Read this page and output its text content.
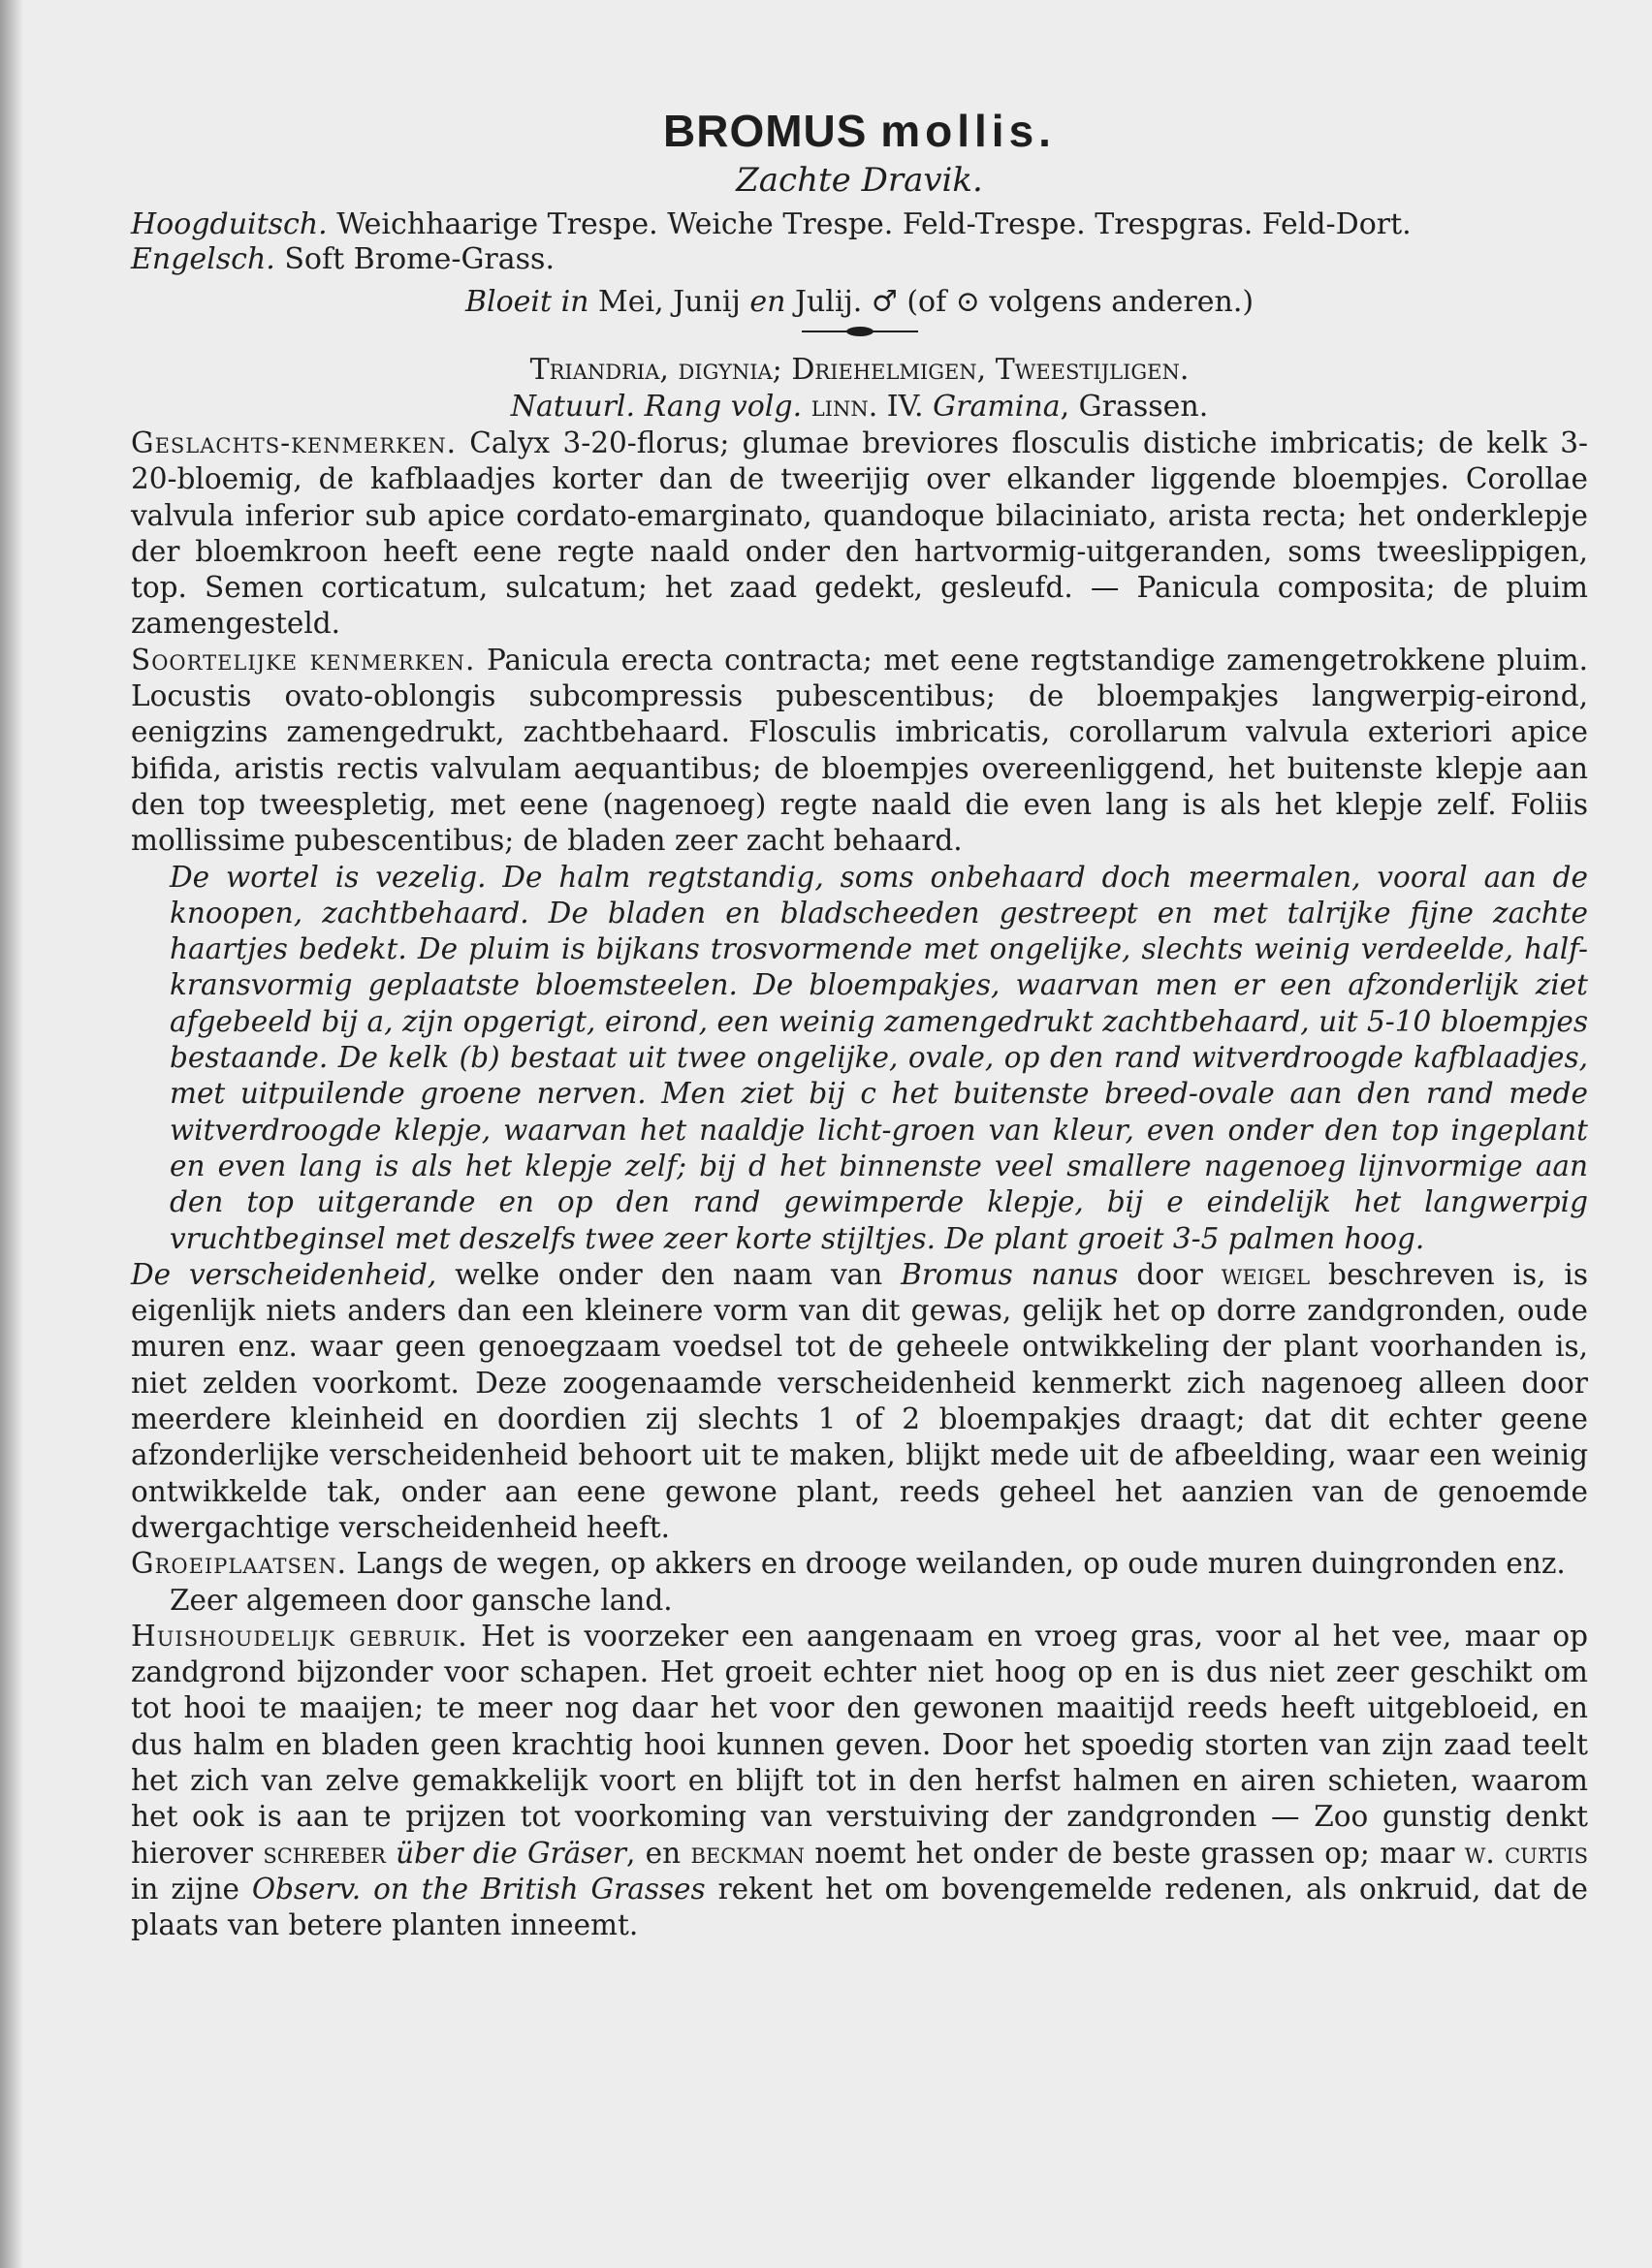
BROMUS mollis.
Zachte Dravik.
Hoogduitsch. Weichhaarige Trespe. Weiche Trespe. Feld-Trespe. Trespgras. Feld-Dort.
Engelsch. Soft Brome-Grass.
Bloeit in Mei, Junij en Julij. ♂ (of ⊙ volgens anderen.)
Triandria, digynia; Driehelmigen, Tweestijligen.
Natuurl. Rang volg. linn. IV. Gramina, Grassen.

Geslachts-kenmerken. Calyx 3-20-florus; glumae breviores flosculis distiche imbricatis; de kelk 3-20-bloemig, de kafblaadjes korter dan de tweerijig over elkander liggende bloempjes. Corollae valvula inferior sub apice cordato-emarginato, quandoque bilaciniato, arista recta; het onderklepje der bloemkroon heeft eene regte naald onder den hartvormig-uitgeranden, soms tweeslippigen, top. Semen corticatum, sulcatum; het zaad gedekt, gesleufd. — Panicula composita; de pluim zamengesteld.

Soortelijke kenmerken. Panicula erecta contracta; met eene regtstandige zamengetrokkene pluim. Locustis ovato-oblongis subcompressis pubescentibus; de bloempakjes langwerpig-eirond, eenigzins zamengedrukt, zachtbehaard. Flosculis imbricatis, corollarum valvula exteriori apice bifida, aristis rectis valvulam aequantibus; de bloempjes overeenliggend, het buitenste klepje aan den top tweespletig, met eene (nagenoeg) regte naald die even lang is als het klepje zelf. Foliis mollissime pubescentibus; de bladen zeer zacht behaard.

De wortel is vezelig. De halm regtstandig, soms onbehaard doch meermalen, vooral aan de knoopen, zachtbehaard. De bladen en bladscheeden gestreept en met talrijke fijne zachte haartjes bedekt. De pluim is bijkans trosvormende met ongelijke, slechts weinig verdeelde, half-kransvormig geplaatste bloemsteelen. De bloempakjes, waarvan men er een afzonderlijk ziet afgebeeld bij a, zijn opgerigt, eirond, een weinig zamengedrukt zachtbehaard, uit 5-10 bloempjes bestaande. De kelk (b) bestaat uit twee ongelijke, ovale, op den rand witverdroogde kafblaadjes, met uitpuilende groene nerven. Men ziet bij c het buitenste breed-ovale aan den rand mede witverdroogde klepje, waarvan het naaldje licht-groen van kleur, even onder den top ingeplant en even lang is als het klepje zelf; bij d het binnenste veel smallere nagenoeg lijnvormige aan den top uitgerande en op den rand gewimperde klepje, bij e eindelijk het langwerpig vruchtbeginsel met deszelfs twee zeer korte stijltjes. De plant groeit 3-5 palmen hoog.

De verscheidenheid, welke onder den naam van Bromus nanus door weigel beschreven is, is eigenlijk niets anders dan een kleinere vorm van dit gewas, gelijk het op dorre zandgronden, oude muren enz. waar geen genoegzaam voedsel tot de geheele ontwikkeling der plant voorhanden is, niet zelden voorkomt. Deze zoogenaamde verscheidenheid kenmerkt zich nagenoeg alleen door meerdere kleinheid en doordien zij slechts 1 of 2 bloempakjes draagt; dat dit echter geene afzonderlijke verscheidenheid behoort uit te maken, blijkt mede uit de afbeelding, waar een weinig ontwikkelde tak, onder aan eene gewone plant, reeds geheel het aanzien van de genoemde dwergachtige verscheidenheid heeft.

Groeiplaatsen. Langs de wegen, op akkers en drooge weilanden, op oude muren duingronden enz.

Zeer algemeen door gansche land.

Huishoudelijk gebruik. Het is voorzeker een aangenaam en vroeg gras, voor al het vee, maar op zandgrond bijzonder voor schapen. Het groeit echter niet hoog op en is dus niet zeer geschikt om tot hooi te maaijen; te meer nog daar het voor den gewonen maaitijd reeds heeft uitgebloeid, en dus halm en bladen geen krachtig hooi kunnen geven. Door het spoedig storten van zijn zaad teelt het zich van zelve gemakkelijk voort en blijft tot in den herfst halmen en airen schieten, waarom het ook is aan te prijzen tot voorkoming van verstuiving der zandgronden — Zoo gunstig denkt hierover schreber über die Gräser, en beckman noemt het onder de beste grassen op; maar w. curtis in zijne Observ. on the British Grasses rekent het om bovengemelde redenen, als onkruid, dat de plaats van betere planten inneemt.
